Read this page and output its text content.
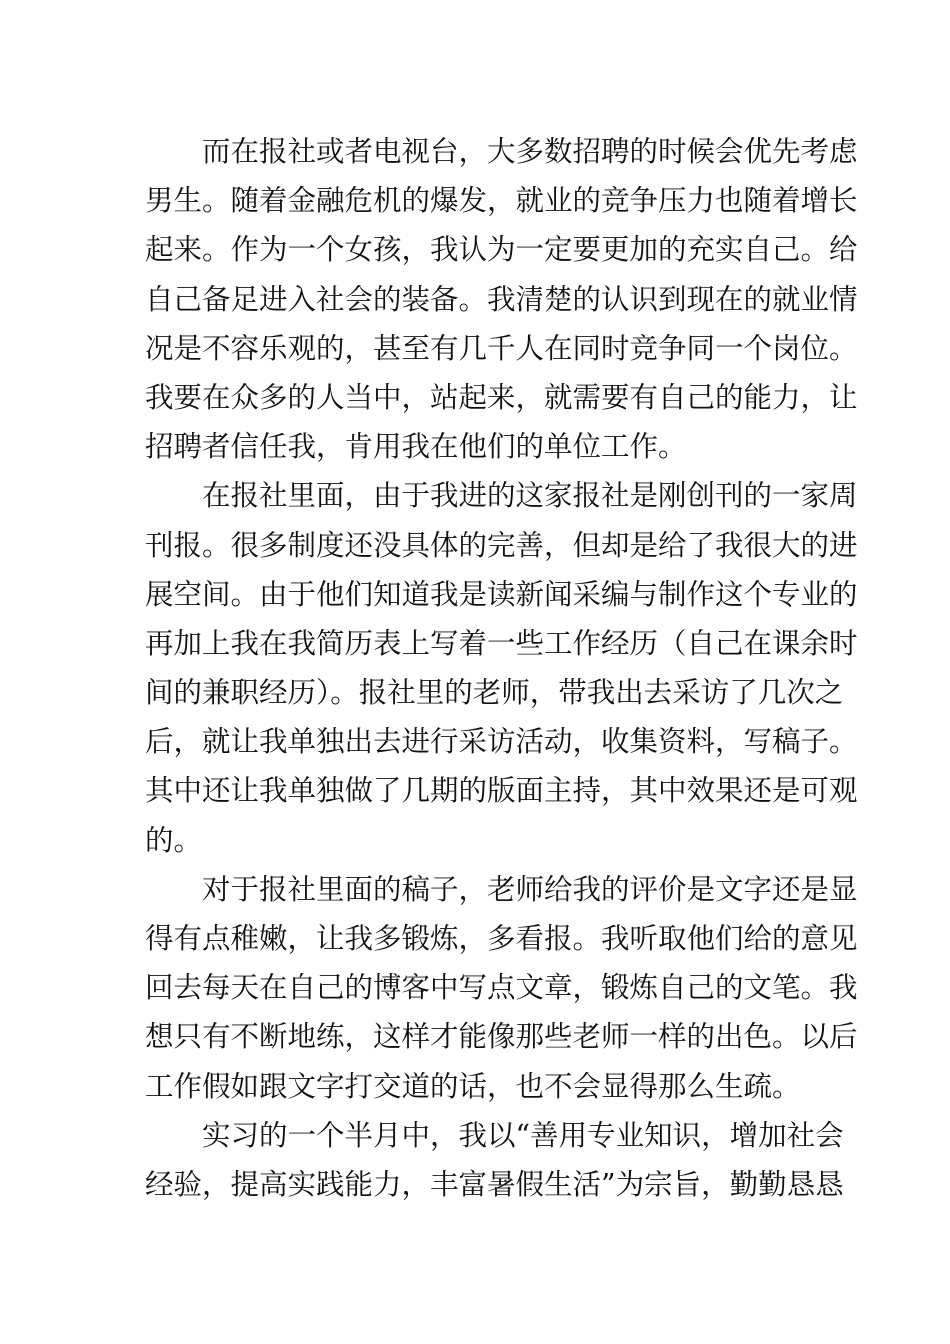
而在报社或者电视台，大多数招聘的时候会优先考虑
男生。随着金融危机的爆发，就业的竞争压力也随着增长
起来。作为一个女孩，我认为一定要更加的充实自己。给
自己备足进入社会的装备。我清楚的认识到现在的就业情
况是不容乐观的，甚至有几千人在同时竞争同一个岗位。
我要在众多的人当中，站起来，就需要有自己的能力，让
招聘者信任我，肯用我在他们的单位工作。
在报社里面，由于我进的这家报社是刚创刊的一家周
刊报。很多制度还没具体的完善，但却是给了我很大的进
展空间。由于他们知道我是读新闻采编与制作这个专业的
再加上我在我简历表上写着一些工作经历（自己在课余时
间的兼职经历）。报社里的老师，带我出去采访了几次之
后，就让我单独出去进行采访活动，收集资料，写稿子。
其中还让我单独做了几期的版面主持，其中效果还是可观
的。
对于报社里面的稿子，老师给我的评价是文字还是显
得有点稚嫩，让我多锻炼，多看报。我听取他们给的意见
回去每天在自己的博客中写点文章，锻炼自己的文笔。我
想只有不断地练，这样才能像那些老师一样的出色。以后
工作假如跟文字打交道的话，也不会显得那么生疏。
实习的一个半月中，我以“善用专业知识，增加社会
经验，提高实践能力，丰富暑假生活”为宗旨，勤勤恳恳
